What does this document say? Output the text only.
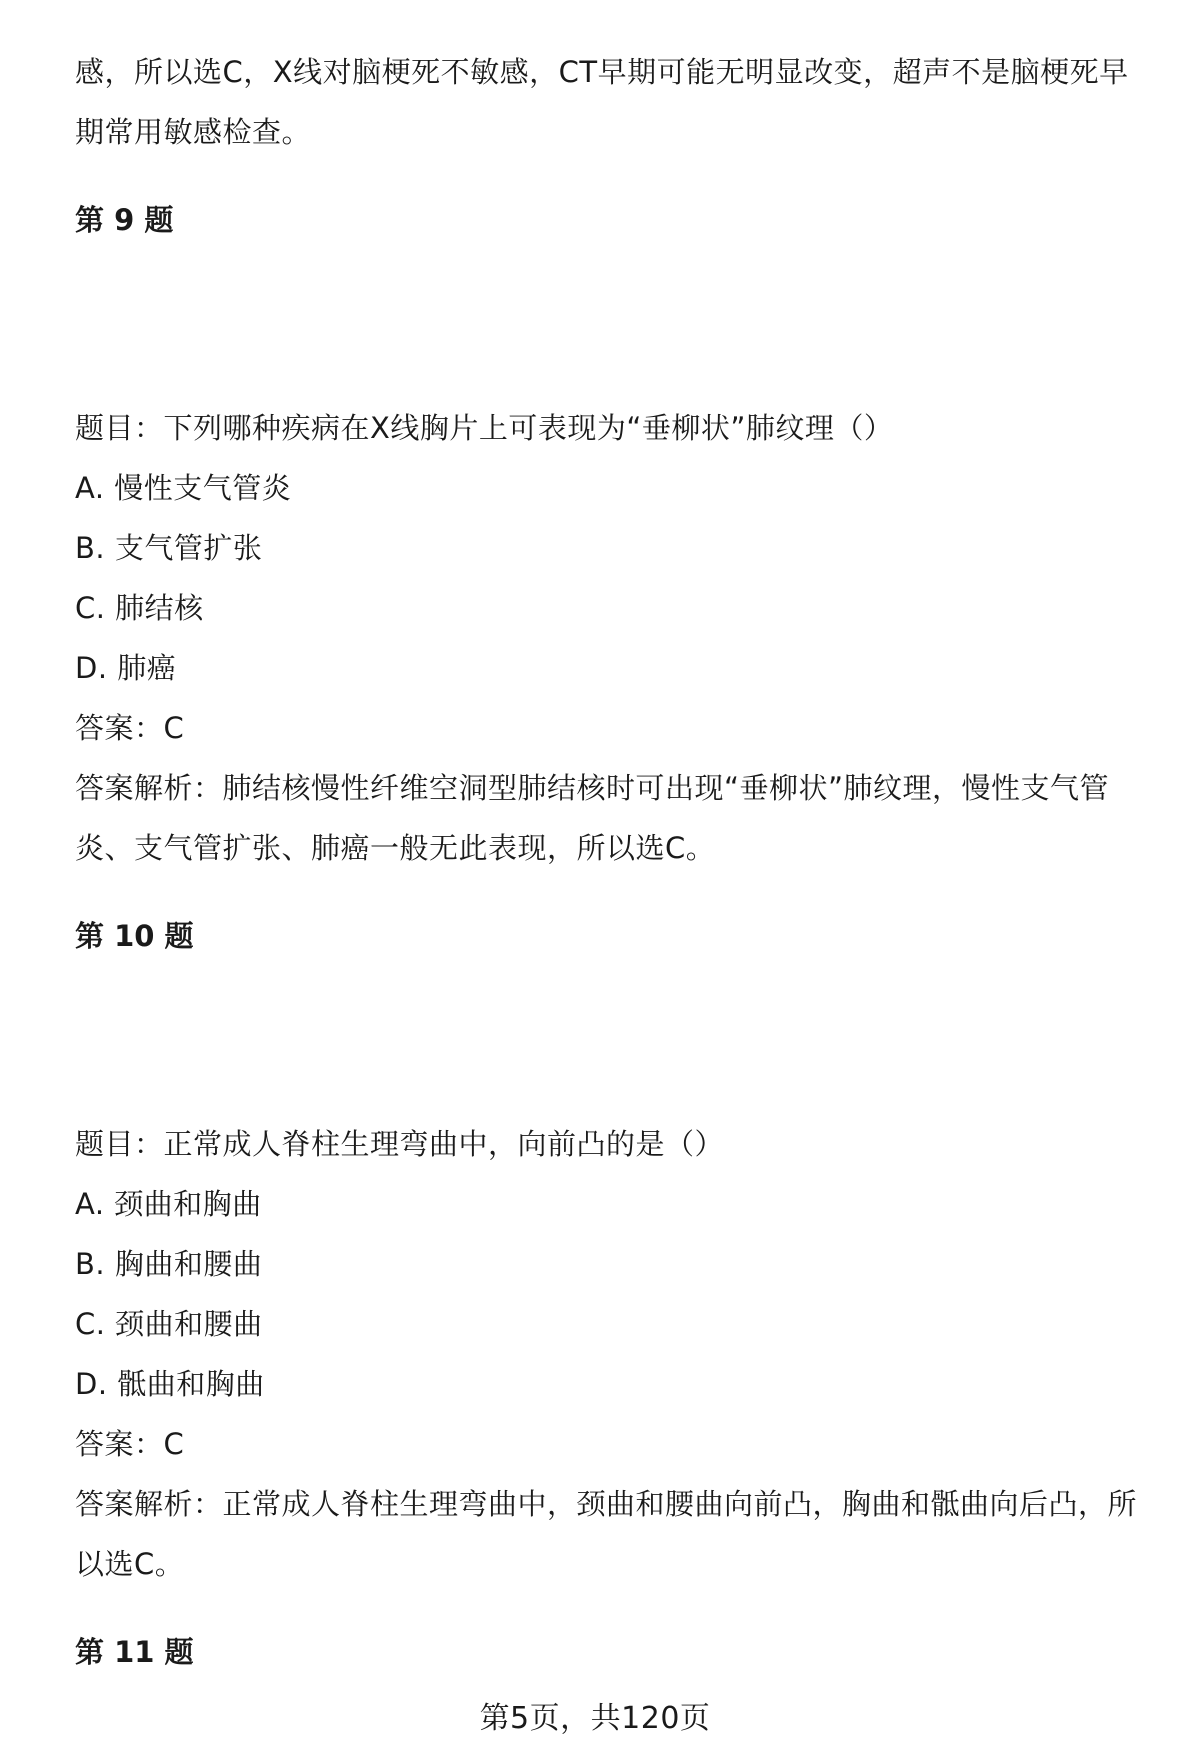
感，所以选C，X线对脑梗死不敏感，CT早期可能无明显改变，超声不是脑梗死早
期常用敏感检查。
第 9 题
题目：下列哪种疾病在X线胸片上可表现为“垂柳状”肺纹理（）
A. 慢性支气管炎
B. 支气管扩张
C. 肺结核
D. 肺癌
答案：C
答案解析：肺结核慢性纤维空洞型肺结核时可出现“垂柳状”肺纹理，慢性支气管
炎、支气管扩张、肺癌一般无此表现，所以选C。
第 10 题
题目：正常成人脊柱生理弯曲中，向前凸的是（）
A. 颈曲和胸曲
B. 胸曲和腰曲
C. 颈曲和腰曲
D. 骶曲和胸曲
答案：C
答案解析：正常成人脊柱生理弯曲中，颈曲和腰曲向前凸，胸曲和骶曲向后凸，所
以选C。
第 11 题
第5页，共120页
